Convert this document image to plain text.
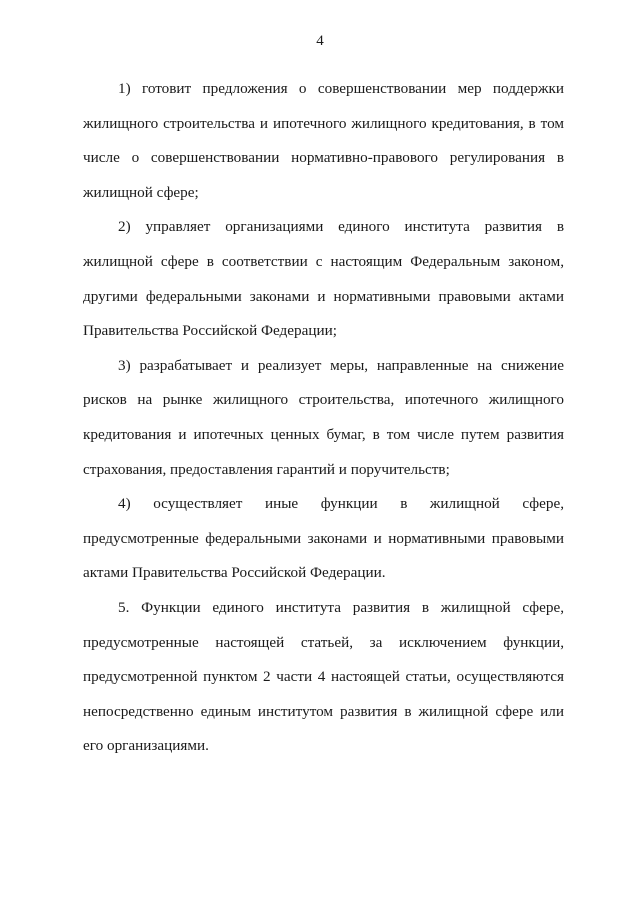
4

1) готовит предложения о совершенствовании мер поддержки жилищного строительства и ипотечного жилищного кредитования, в том числе о совершенствовании нормативно-правового регулирования в жилищной сфере;

2) управляет организациями единого института развития в жилищной сфере в соответствии с настоящим Федеральным законом, другими федеральными законами и нормативными правовыми актами Правительства Российской Федерации;

3) разрабатывает и реализует меры, направленные на снижение рисков на рынке жилищного строительства, ипотечного жилищного кредитования и ипотечных ценных бумаг, в том числе путем развития страхования, предоставления гарантий и поручительств;

4) осуществляет иные функции в жилищной сфере, предусмотренные федеральными законами и нормативными правовыми актами Правительства Российской Федерации.

5. Функции единого института развития в жилищной сфере, предусмотренные настоящей статьей, за исключением функции, предусмотренной пунктом 2 части 4 настоящей статьи, осуществляются непосредственно единым институтом развития в жилищной сфере или его организациями.
